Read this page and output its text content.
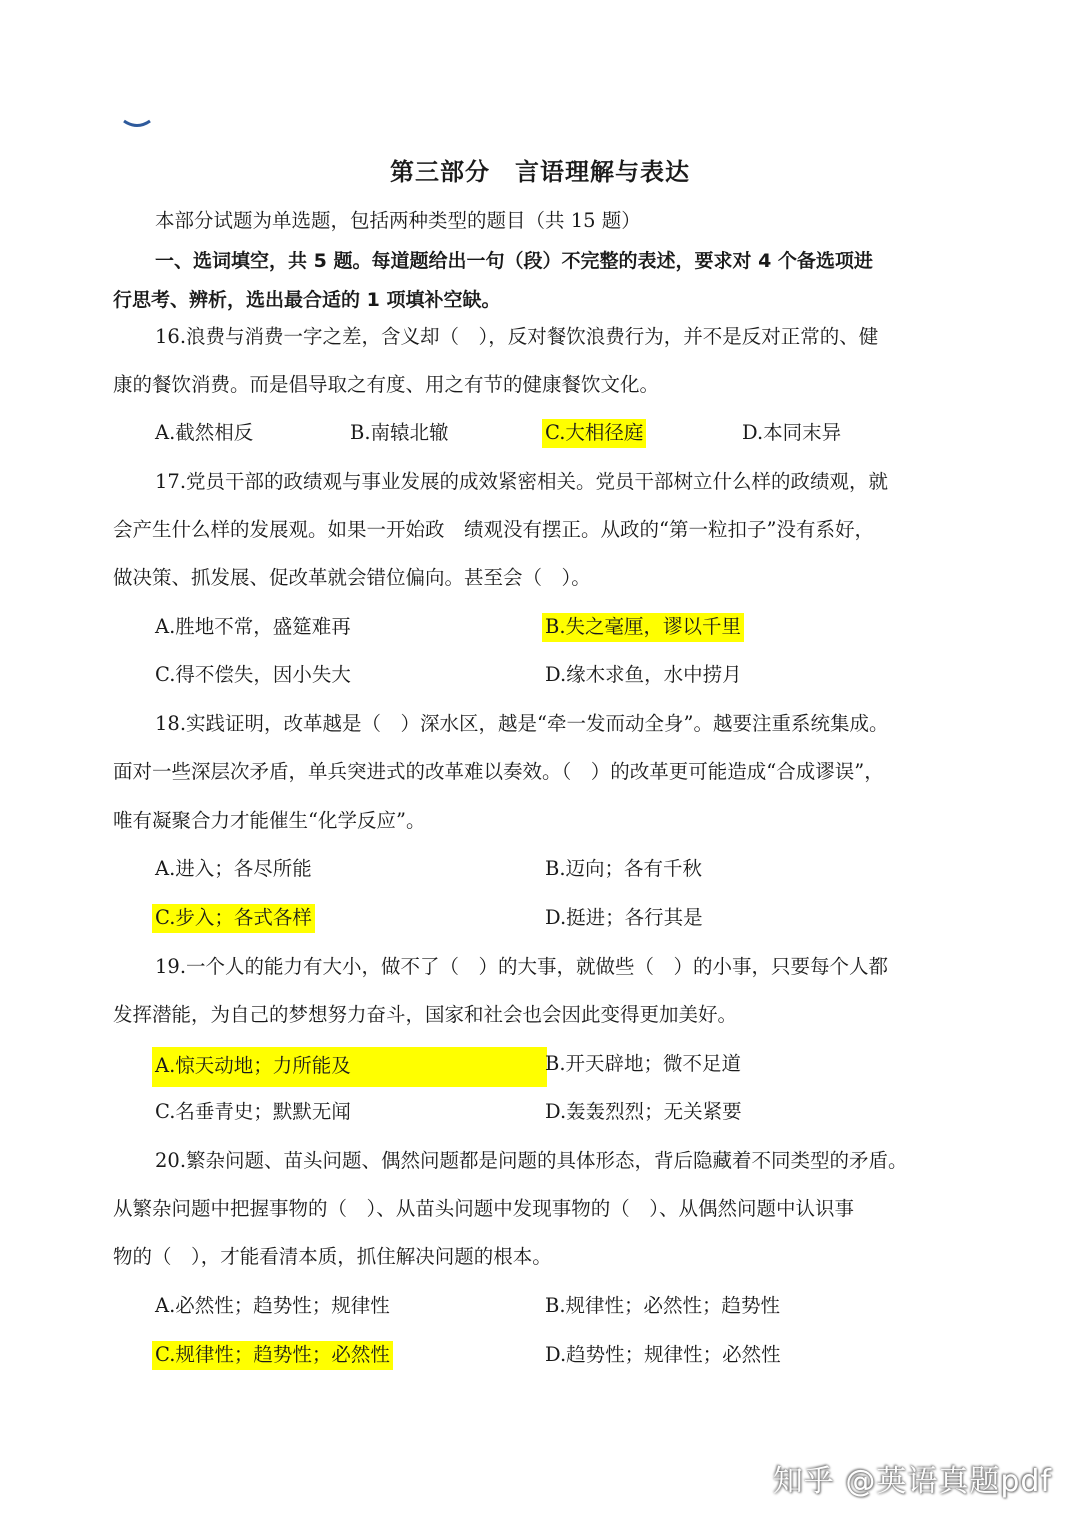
第三部分　言语理解与表达
本部分试题为单选题，包括两种类型的题目（共 15 题）
一、选词填空，共 5 题。每道题给出一句（段）不完整的表述，要求对 4 个备选项进
行思考、辨析，选出最合适的 1 项填补空缺。
16.浪费与消费一字之差，含义却（　），反对餐饮浪费行为，并不是反对正常的、健
康的餐饮消费。而是倡导取之有度、用之有节的健康餐饮文化。
A.截然相反	B.南辕北辙	C.大相径庭	D.本同末异
17.党员干部的政绩观与事业发展的成效紧密相关。党员干部树立什么样的政绩观，就
会产生什么样的发展观。如果一开始政　绩观没有摆正。从政的“第一粒扣子”没有系好，
做决策、抓发展、促改革就会错位偏向。甚至会（　）。
A.胜地不常，盛筵难再	B.失之毫厘，谬以千里
C.得不偿失，因小失大	D.缘木求鱼，水中捞月
18.实践证明，改革越是（　）深水区，越是“牵一发而动全身”。越要注重系统集成。
面对一些深层次矛盾，单兵突进式的改革难以奏效。（　）的改革更可能造成“合成谬误”，
唯有凝聚合力才能催生“化学反应”。
A.进入；各尽所能	B.迈向；各有千秋
C.步入；各式各样	D.挺进；各行其是
19.一个人的能力有大小，做不了（　）的大事，就做些（　）的小事，只要每个人都
发挥潜能，为自己的梦想努力奋斗，国家和社会也会因此变得更加美好。
A.惊天动地；力所能及	B.开天辟地；微不足道
C.名垂青史；默默无闻	D.轰轰烈烈；无关紧要
20.繁杂问题、苗头问题、偶然问题都是问题的具体形态，背后隐藏着不同类型的矛盾。
从繁杂问题中把握事物的（　）、从苗头问题中发现事物的（　）、从偶然问题中认识事
物的（　），才能看清本质，抓住解决问题的根本。
A.必然性；趋势性；规律性	B.规律性；必然性；趋势性
C.规律性；趋势性；必然性	D.趋势性；规律性；必然性
知乎 @英语真题pdf
